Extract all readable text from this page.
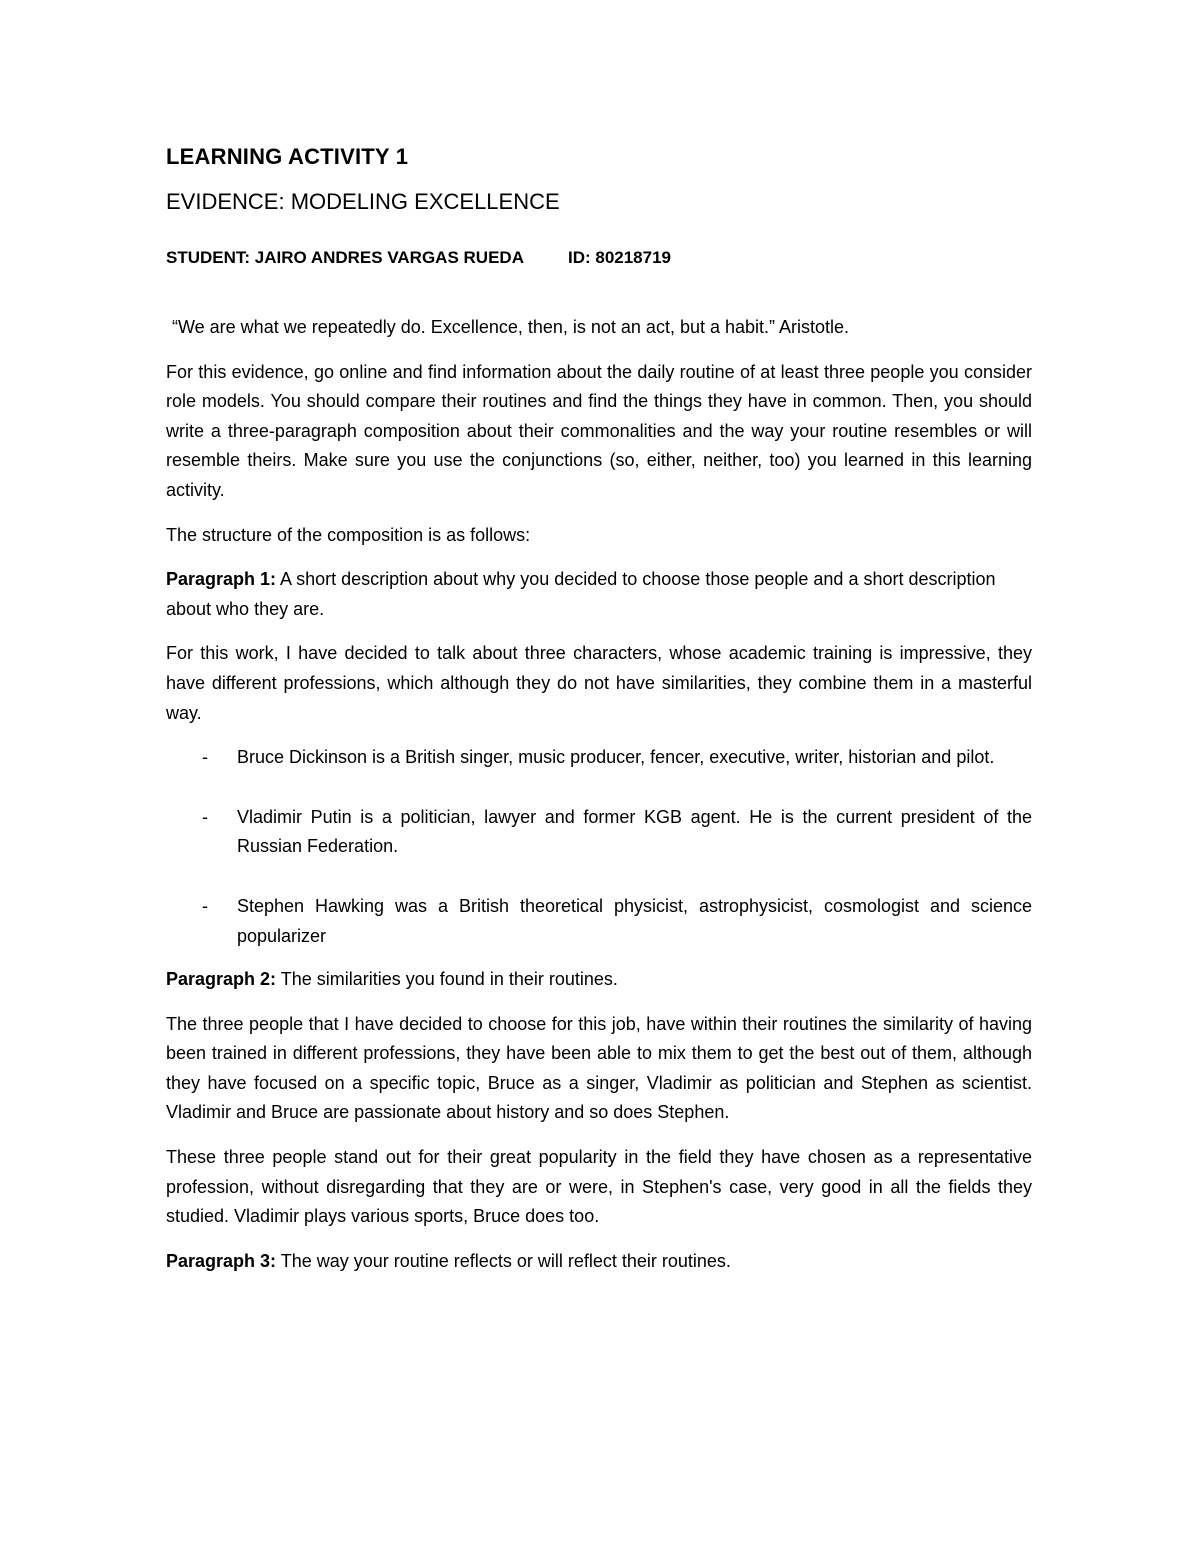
LEARNING ACTIVITY 1
EVIDENCE: MODELING EXCELLENCE
STUDENT: JAIRO ANDRES VARGAS RUEDA	ID: 80218719

“We are what we repeatedly do. Excellence, then, is not an act, but a habit.” Aristotle.

For this evidence, go online and find information about the daily routine of at least three people you consider role models. You should compare their routines and find the things they have in common. Then, you should write a three-paragraph composition about their commonalities and the way your routine resembles or will resemble theirs. Make sure you use the conjunctions (so, either, neither, too) you learned in this learning activity.

The structure of the composition is as follows:

Paragraph 1: A short description about why you decided to choose those people and a short description about who they are.

For this work, I have decided to talk about three characters, whose academic training is impressive, they have different professions, which although they do not have similarities, they combine them in a masterful way.

- Bruce Dickinson is a British singer, music producer, fencer, executive, writer, historian and pilot.
- Vladimir Putin is a politician, lawyer and former KGB agent. He is the current president of the Russian Federation.
- Stephen Hawking was a British theoretical physicist, astrophysicist, cosmologist and science popularizer

Paragraph 2: The similarities you found in their routines.

The three people that I have decided to choose for this job, have within their routines the similarity of having been trained in different professions, they have been able to mix them to get the best out of them, although they have focused on a specific topic, Bruce as a singer, Vladimir as politician and Stephen as scientist. Vladimir and Bruce are passionate about history and so does Stephen.

These three people stand out for their great popularity in the field they have chosen as a representative profession, without disregarding that they are or were, in Stephen's case, very good in all the fields they studied. Vladimir plays various sports, Bruce does too.

Paragraph 3: The way your routine reflects or will reflect their routines.
